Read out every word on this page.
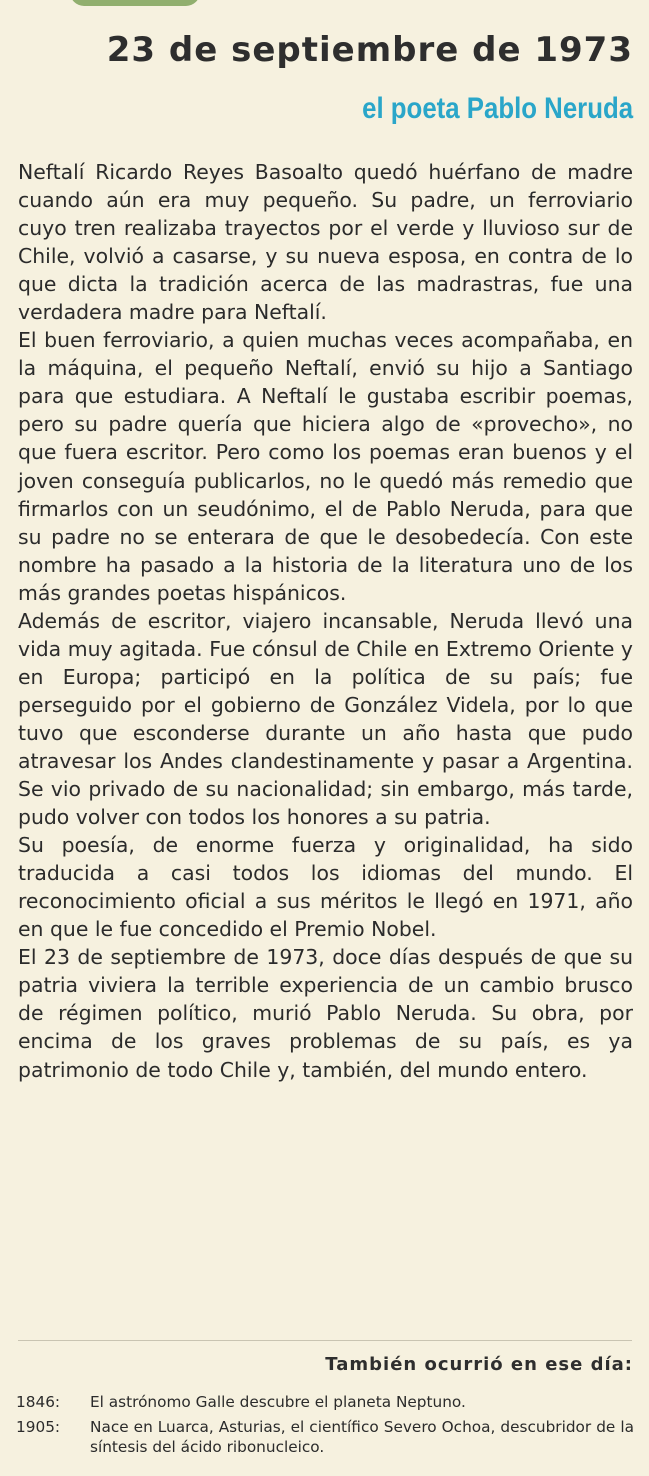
23 de septiembre de 1973
el poeta Pablo Neruda

Neftalí Ricardo Reyes Basoalto quedó huérfano de madre cuando aún era muy pequeño. Su padre, un ferroviario cuyo tren realizaba trayectos por el verde y lluvioso sur de Chile, volvió a casarse, y su nueva esposa, en contra de lo que dicta la tradición acerca de las madrastras, fue una verdadera madre para Neftalí.

El buen ferroviario, a quien muchas veces acompañaba, en la máquina, el pequeño Neftalí, envió su hijo a Santiago para que estudiara. A Neftalí le gustaba escribir poemas, pero su padre quería que hiciera algo de «provecho», no que fuera escritor. Pero como los poemas eran buenos y el joven conseguía publicarlos, no le quedó más remedio que firmarlos con un seudónimo, el de Pablo Neruda, para que su padre no se enterara de que le desobedecía. Con este nombre ha pasado a la historia de la literatura uno de los más grandes poetas hispánicos.

Además de escritor, viajero incansable, Neruda llevó una vida muy agitada. Fue cónsul de Chile en Extremo Oriente y en Europa; participó en la política de su país; fue perseguido por el gobierno de González Videla, por lo que tuvo que esconderse durante un año hasta que pudo atravesar los Andes clandestinamente y pasar a Argentina. Se vio privado de su nacionalidad; sin embargo, más tarde, pudo volver con todos los honores a su patria.

Su poesía, de enorme fuerza y originalidad, ha sido traducida a casi todos los idiomas del mundo. El reconocimiento oficial a sus méritos le llegó en 1971, año en que le fue concedido el Premio Nobel.

El 23 de septiembre de 1973, doce días después de que su patria viviera la terrible experiencia de un cambio brusco de régimen político, murió Pablo Neruda. Su obra, por encima de los graves problemas de su país, es ya patrimonio de todo Chile y, también, del mundo entero.

También ocurrió en ese día:
1846:	El astrónomo Galle descubre el planeta Neptuno.
1905:	Nace en Luarca, Asturias, el científico Severo Ochoa, descubridor de la síntesis del ácido ribonucleico.
